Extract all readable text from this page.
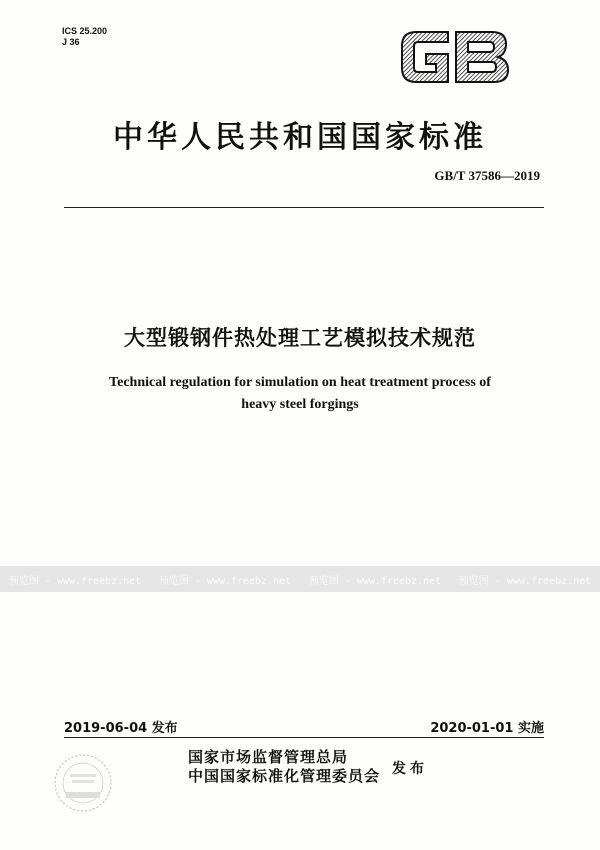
ICS 25.200
J 36
GB
中华人民共和国国家标准
GB/T 37586—2019
大型锻钢件热处理工艺模拟技术规范
Technical regulation for simulation on heat treatment process of
heavy steel forgings
预览图 - www.freebz.net 预览图 - www.freebz.net 预览图 - www.freebz.net 预览图 - www.freebz.net
2019-06-04 发布	2020-01-01 实施
国家市场监督管理总局
中国国家标准化管理委员会 发布
